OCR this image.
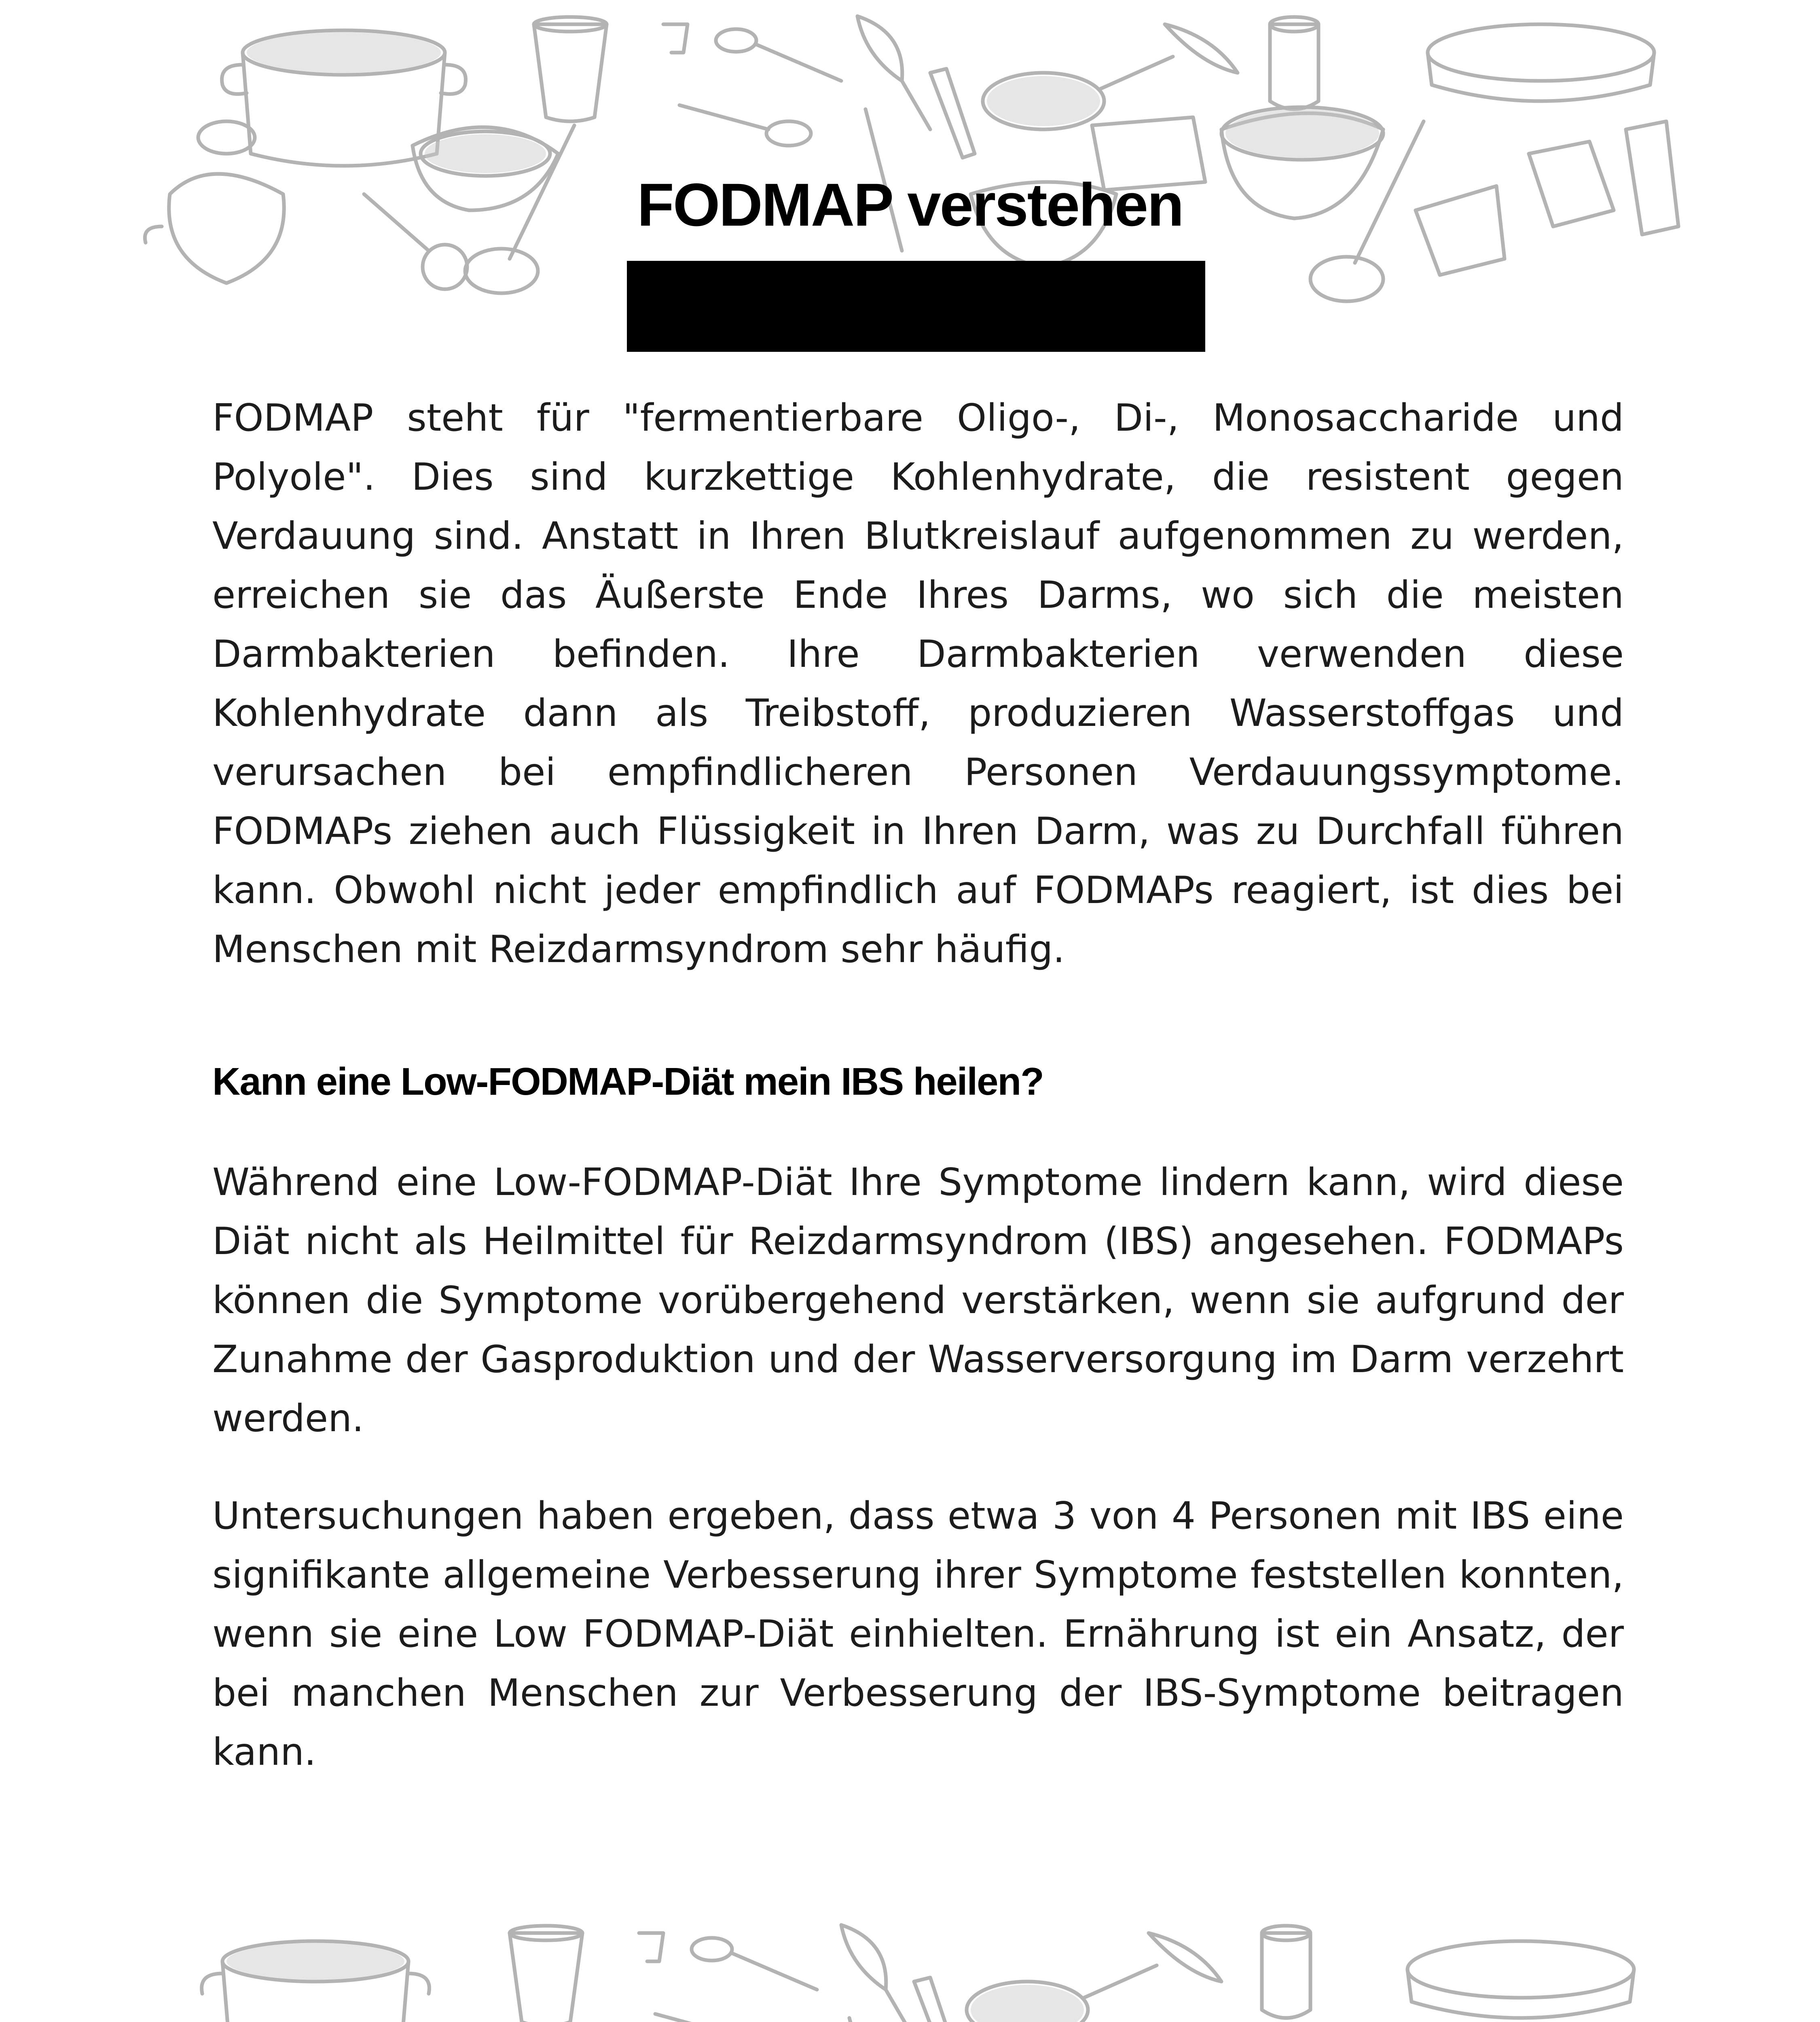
FODMAP verstehen

FODMAP steht für "fermentierbare Oligo-, Di-, Monosaccharide und Polyole". Dies sind kurzkettige Kohlenhydrate, die resistent gegen Verdauung sind. Anstatt in Ihren Blutkreislauf aufgenommen zu werden, erreichen sie das Äußerste Ende Ihres Darms, wo sich die meisten Darmbakterien befinden. Ihre Darmbakterien verwenden diese Kohlenhydrate dann als Treibstoff, produzieren Wasserstoffgas und verursachen bei empfindlicheren Personen Verdauungssymptome. FODMAPs ziehen auch Flüssigkeit in Ihren Darm, was zu Durchfall führen kann. Obwohl nicht jeder empfindlich auf FODMAPs reagiert, ist dies bei Menschen mit Reizdarmsyndrom sehr häufig.

Kann eine Low-FODMAP-Diät mein IBS heilen?

Während eine Low-FODMAP-Diät Ihre Symptome lindern kann, wird diese Diät nicht als Heilmittel für Reizdarmsyndrom (IBS) angesehen. FODMAPs können die Symptome vorübergehend verstärken, wenn sie aufgrund der Zunahme der Gasproduktion und der Wasserversorgung im Darm verzehrt werden.

Untersuchungen haben ergeben, dass etwa 3 von 4 Personen mit IBS eine signifikante allgemeine Verbesserung ihrer Symptome feststellen konnten, wenn sie eine Low FODMAP-Diät einhielten. Ernährung ist ein Ansatz, der bei manchen Menschen zur Verbesserung der IBS-Symptome beitragen kann.
